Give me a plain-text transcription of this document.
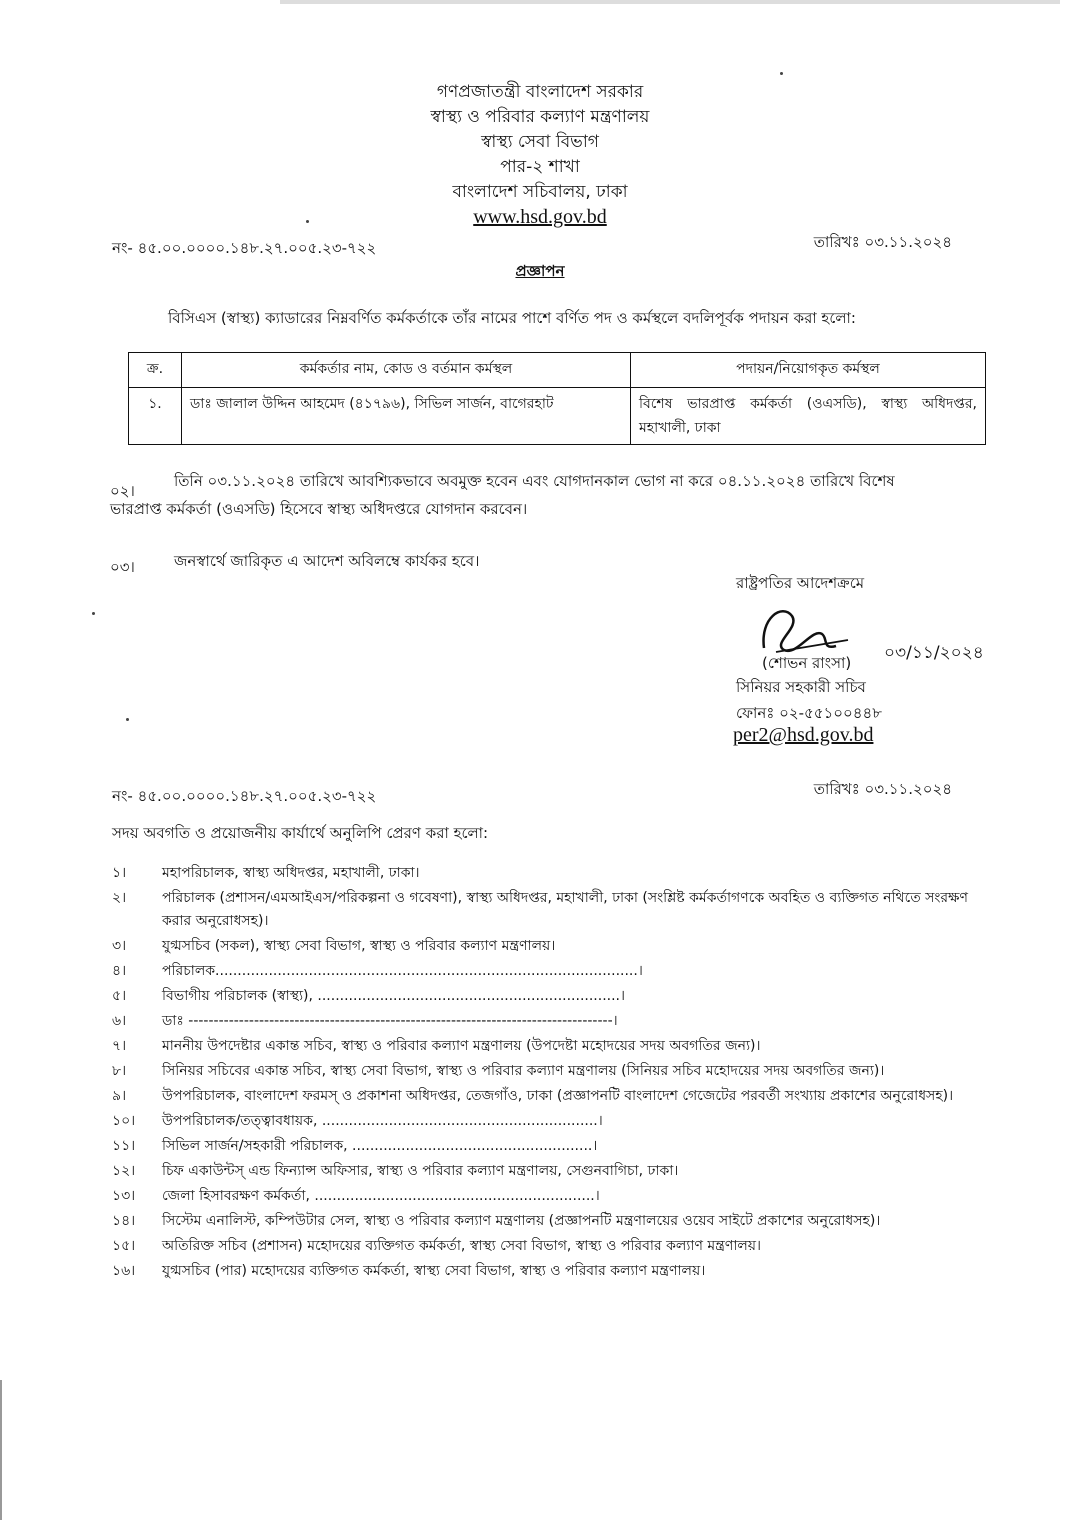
গণপ্রজাতন্ত্রী বাংলাদেশ সরকার
স্বাস্থ্য ও পরিবার কল্যাণ মন্ত্রণালয়
স্বাস্থ্য সেবা বিভাগ
পার-২ শাখা
বাংলাদেশ সচিবালয়, ঢাকা
www.hsd.gov.bd
নং- ৪৫.০০.০০০০.১৪৮.২৭.০০৫.২৩-৭২২	তারিখঃ ০৩.১১.২০২৪
প্রজ্ঞাপন
বিসিএস (স্বাস্থ্য) ক্যাডারের নিম্নবর্ণিত কর্মকর্তাকে তাঁর নামের পাশে বর্ণিত পদ ও কর্মস্থলে বদলিপূর্বক পদায়ন করা হলো:
ক্র.	কর্মকর্তার নাম, কোড ও বর্তমান কর্মস্থল	পদায়ন/নিয়োগকৃত কর্মস্থল
১.	ডাঃ জালাল উদ্দিন আহমেদ (৪১৭৯৬), সিভিল সার্জন, বাগেরহাট	বিশেষ ভারপ্রাপ্ত কর্মকর্তা (ওএসডি), স্বাস্থ্য অধিদপ্তর, মহাখালী, ঢাকা
০২।
তিনি ০৩.১১.২০২৪ তারিখে আবশ্যিকভাবে অবমুক্ত হবেন এবং যোগদানকাল ভোগ না করে ০৪.১১.২০২৪ তারিখে বিশেষ
ভারপ্রাপ্ত কর্মকর্তা (ওএসডি) হিসেবে স্বাস্থ্য অধিদপ্তরে যোগদান করবেন।
০৩।	জনস্বার্থে জারিকৃত এ আদেশ অবিলম্বে কার্যকর হবে।
রাষ্ট্রপতির আদেশক্রমে
০৩/১১/২০২৪
(শোভন রাংসা)
সিনিয়র সহকারী সচিব
ফোনঃ ০২-৫৫১০০৪৪৮
per2@hsd.gov.bd
নং- ৪৫.০০.০০০০.১৪৮.২৭.০০৫.২৩-৭২২	তারিখঃ ০৩.১১.২০২৪
সদয় অবগতি ও প্রয়োজনীয় কার্যার্থে অনুলিপি প্রেরণ করা হলো:
১।	মহাপরিচালক, স্বাস্থ্য অধিদপ্তর, মহাখালী, ঢাকা।
২।	পরিচালক (প্রশাসন/এমআইএস/পরিকল্পনা ও গবেষণা), স্বাস্থ্য অধিদপ্তর, মহাখালী, ঢাকা (সংশ্লিষ্ট কর্মকর্তাগণকে অবহিত ও ব্যক্তিগত নথিতে সংরক্ষণ করার অনুরোধসহ)।
৩।	যুগ্মসচিব (সকল), স্বাস্থ্য সেবা বিভাগ, স্বাস্থ্য ও পরিবার কল্যাণ মন্ত্রণালয়।
৪।	পরিচালক...............................................................................................।
৫।	বিভাগীয় পরিচালক (স্বাস্থ্য), ....................................................................।
৬।	ডাঃ ------------------------------------------------------------------------------------।
৭।	মাননীয় উপদেষ্টার একান্ত সচিব, স্বাস্থ্য ও পরিবার কল্যাণ মন্ত্রণালয় (উপদেষ্টা মহোদয়ের সদয় অবগতির জন্য)।
৮।	সিনিয়র সচিবের একান্ত সচিব, স্বাস্থ্য সেবা বিভাগ, স্বাস্থ্য ও পরিবার কল্যাণ মন্ত্রণালয় (সিনিয়র সচিব মহোদয়ের সদয় অবগতির জন্য)।
৯।	উপপরিচালক, বাংলাদেশ ফরমস্ ও প্রকাশনা অধিদপ্তর, তেজগাঁও, ঢাকা (প্রজ্ঞাপনটি বাংলাদেশ গেজেটের পরবর্তী সংখ্যায় প্রকাশের অনুরোধসহ)।
১০।	উপপরিচালক/তত্ত্বাবধায়ক, ..............................................................।
১১।	সিভিল সার্জন/সহকারী পরিচালক, ......................................................।
১২।	চিফ একাউন্টস্ এন্ড ফিন্যান্স অফিসার, স্বাস্থ্য ও পরিবার কল্যাণ মন্ত্রণালয়, সেগুনবাগিচা, ঢাকা।
১৩।	জেলা হিসাবরক্ষণ কর্মকর্তা, ...............................................................।
১৪।	সিস্টেম এনালিস্ট, কম্পিউটার সেল, স্বাস্থ্য ও পরিবার কল্যাণ মন্ত্রণালয় (প্রজ্ঞাপনটি মন্ত্রণালয়ের ওয়েব সাইটে প্রকাশের অনুরোধসহ)।
১৫।	অতিরিক্ত সচিব (প্রশাসন) মহোদয়ের ব্যক্তিগত কর্মকর্তা, স্বাস্থ্য সেবা বিভাগ, স্বাস্থ্য ও পরিবার কল্যাণ মন্ত্রণালয়।
১৬।	যুগ্মসচিব (পার) মহোদয়ের ব্যক্তিগত কর্মকর্তা, স্বাস্থ্য সেবা বিভাগ, স্বাস্থ্য ও পরিবার কল্যাণ মন্ত্রণালয়।
